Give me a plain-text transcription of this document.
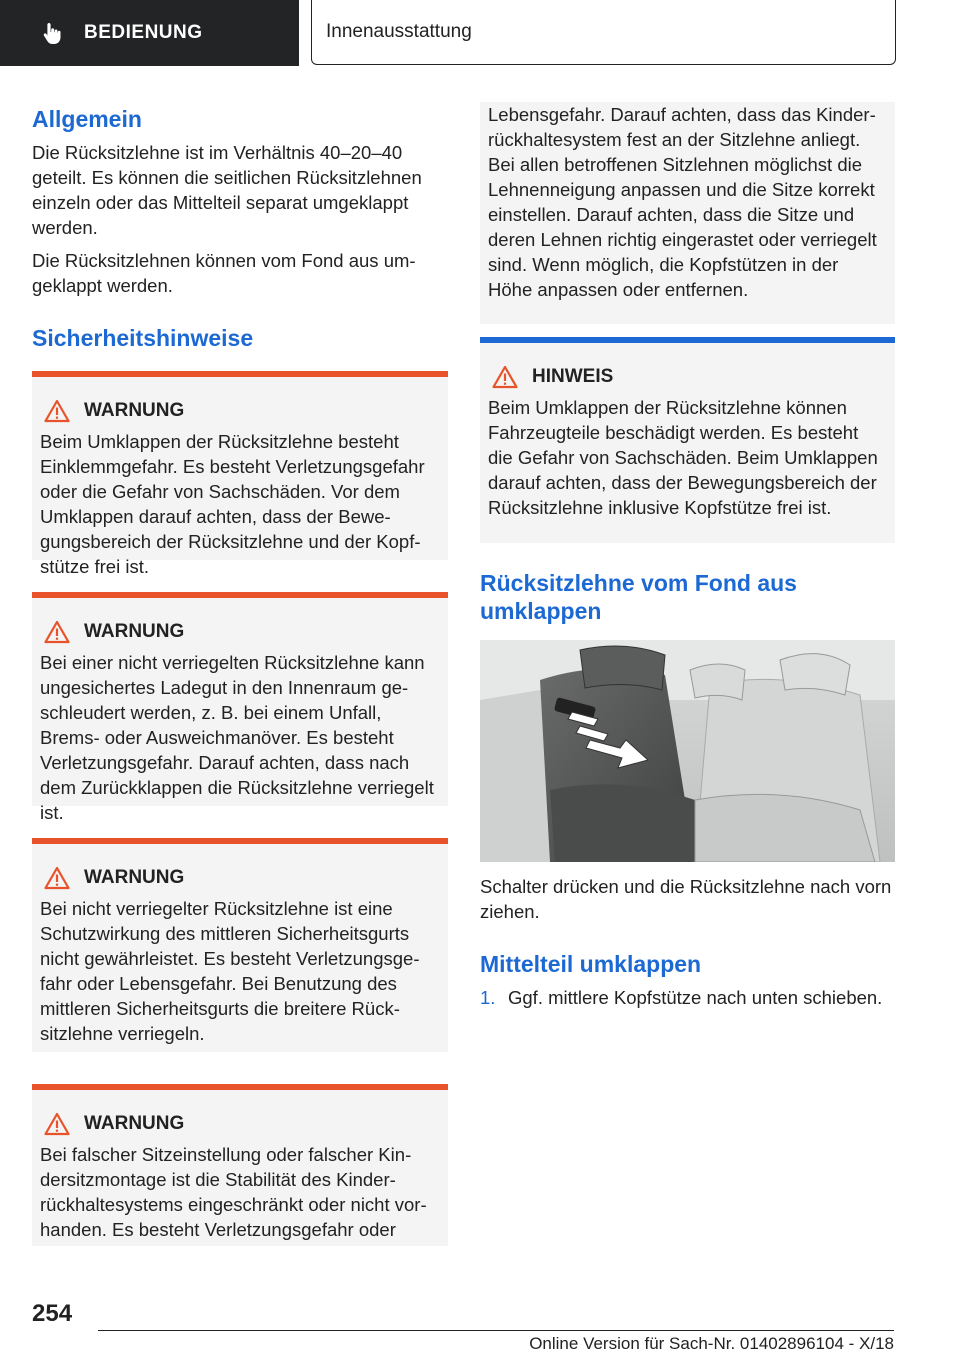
BEDIENUNG	Innenausstattung
Allgemein

Die Rücksitzlehne ist im Verhältnis 40–20–40 geteilt. Es können die seitlichen Rücksitzlehnen einzeln oder das Mittelteil separat umgeklappt werden.

Die Rücksitzlehnen können vom Fond aus umgeklappt werden.

Sicherheitshinweise
WARNUNG

Beim Umklappen der Rücksitzlehne besteht Einklemmgefahr. Es besteht Verletzungsgefahr oder die Gefahr von Sachschäden. Vor dem Umklappen darauf achten, dass der Bewegungsbereich der Rücksitzlehne und der Kopfstütze frei ist.

WARNUNG

Bei einer nicht verriegelten Rücksitzlehne kann ungesichertes Ladegut in den Innenraum geschleudert werden, z. B. bei einem Unfall, Brems- oder Ausweichmanöver. Es besteht Verletzungsgefahr. Darauf achten, dass nach dem Zurückklappen die Rücksitzlehne verriegelt ist.

WARNUNG

Bei nicht verriegelter Rücksitzlehne ist eine Schutzwirkung des mittleren Sicherheitsgurts nicht gewährleistet. Es besteht Verletzungsgefahr oder Lebensgefahr. Bei Benutzung des mittleren Sicherheitsgurts die breitere Rücksitzlehne verriegeln.

WARNUNG

Bei falscher Sitzeinstellung oder falscher Kindersitzmontage ist die Stabilität des Kinderrückhaltesystems eingeschränkt oder nicht vorhanden. Es besteht Verletzungsgefahr oder

Lebensgefahr. Darauf achten, dass das Kinderrückhaltesystem fest an der Sitzlehne anliegt. Bei allen betroffenen Sitzlehnen möglichst die Lehnenneigung anpassen und die Sitze korrekt einstellen. Darauf achten, dass die Sitze und deren Lehnen richtig eingerastet oder verriegelt sind. Wenn möglich, die Kopfstützen in der Höhe anpassen oder entfernen.

HINWEIS

Beim Umklappen der Rücksitzlehne können Fahrzeugteile beschädigt werden. Es besteht die Gefahr von Sachschäden. Beim Umklappen darauf achten, dass der Bewegungsbereich der Rücksitzlehne inklusive Kopfstütze frei ist.

Rücksitzlehne vom Fond aus umklappen

Schalter drücken und die Rücksitzlehne nach vorn ziehen.

Mittelteil umklappen
1. Ggf. mittlere Kopfstütze nach unten schieben.
254
Online Version für Sach-Nr. 01402896104 - X/18
